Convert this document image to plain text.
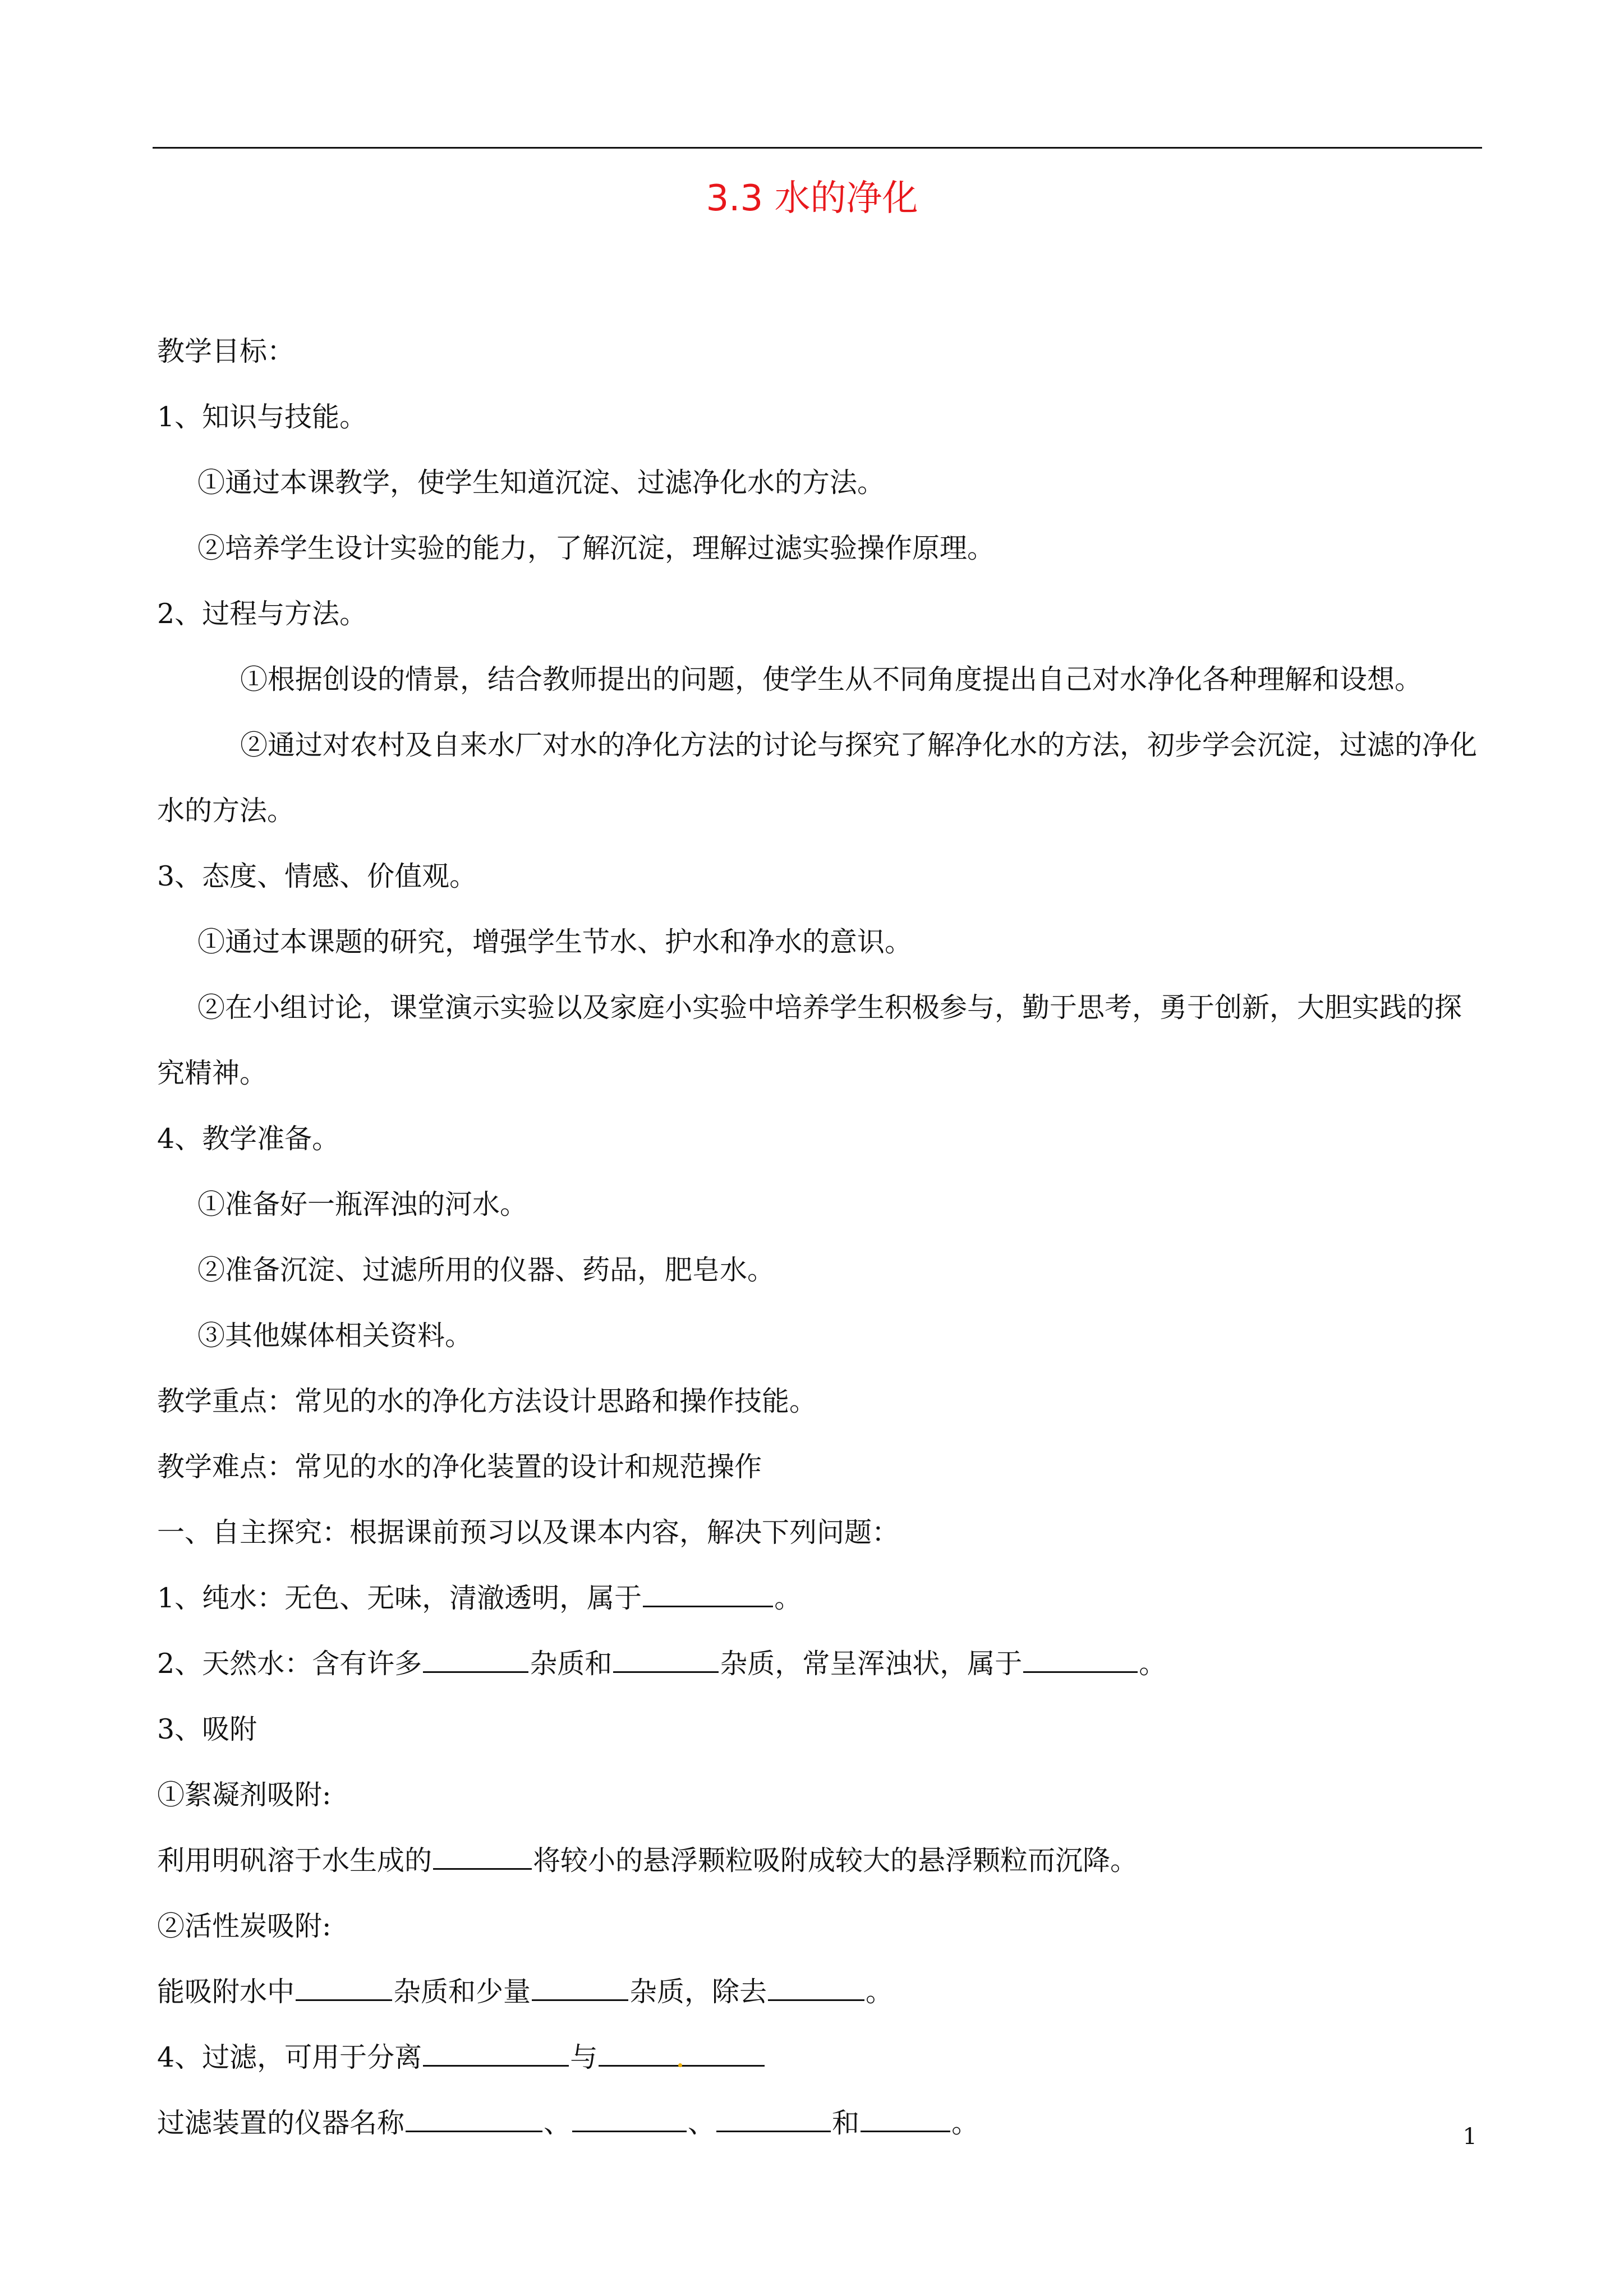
3.3 水的净化
教学目标：
1、知识与技能。
①通过本课教学，使学生知道沉淀、过滤净化水的方法。
②培养学生设计实验的能力，了解沉淀，理解过滤实验操作原理。
2、过程与方法。
①根据创设的情景，结合教师提出的问题，使学生从不同角度提出自己对水净化各种理解和设想。
②通过对农村及自来水厂对水的净化方法的讨论与探究了解净化水的方法，初步学会沉淀，过滤的净化水的方法。
3、态度、情感、价值观。
①通过本课题的研究，增强学生节水、护水和净水的意识。
②在小组讨论，课堂演示实验以及家庭小实验中培养学生积极参与，勤于思考，勇于创新，大胆实践的探究精神。
4、教学准备。
①准备好一瓶浑浊的河水。
②准备沉淀、过滤所用的仪器、药品，肥皂水。
③其他媒体相关资料。
教学重点：常见的水的净化方法设计思路和操作技能。
教学难点：常见的水的净化装置的设计和规范操作
一、自主探究：根据课前预习以及课本内容，解决下列问题：
1、纯水：无色、无味，清澈透明，属于	。
2、天然水：含有许多	杂质和	杂质，常呈浑浊状，属于	。
3、吸附
①絮凝剂吸附:
利用明矾溶于水生成的	将较小的悬浮颗粒吸附成较大的悬浮颗粒而沉降。
②活性炭吸附:
能吸附水中	杂质和少量	杂质，除去	。
4、过滤，可用于分离	与
过滤装置的仪器名称	、	、	和	。	1
